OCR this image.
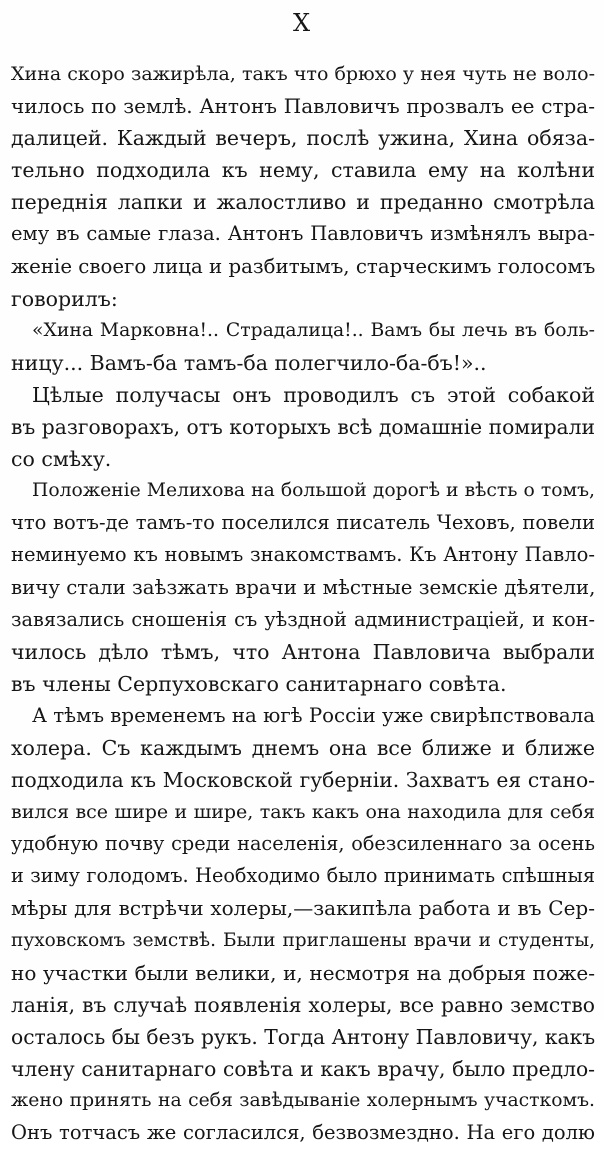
X
Хина скоро зажирѣла, такъ что брюхо у нея чуть не воло-
чилось по землѣ. Антонъ Павловичъ прозвалъ ее стра-
далицей. Каждый вечеръ, послѣ ужина, Хина обяза-
тельно подходила къ нему, ставила ему на колѣни
переднія лапки и жалостливо и преданно смотрѣла
ему въ самые глаза. Антонъ Павловичъ измѣнялъ выра-
женіе своего лица и разбитымъ, старческимъ голосомъ
говорилъ:
«Хина Марковна!.. Страдалица!.. Вамъ бы лечь въ боль-
ницу... Вамъ-ба тамъ-ба полегчило-ба-бъ!»..
Цѣлые получасы онъ проводилъ съ этой собакой
въ разговорахъ, отъ которыхъ всѣ домашніе помирали
со смѣху.
Положеніе Мелихова на большой дорогѣ и вѣсть о томъ,
что вотъ-де тамъ-то поселился писатель Чеховъ, повели
неминуемо къ новымъ знакомствамъ. Къ Антону Павло-
вичу стали заѣзжать врачи и мѣстные земскіе дѣятели,
завязались сношенія съ уѣздной администраціей, и кон-
чилось дѣло тѣмъ, что Антона Павловича выбрали
въ члены Серпуховскаго санитарнаго совѣта.
А тѣмъ временемъ на югѣ Россіи уже свирѣпствовала
холера. Съ каждымъ днемъ она все ближе и ближе
подходила къ Московской губерніи. Захватъ ея стано-
вился все шире и шире, такъ какъ она находила для себя
удобную почву среди населенія, обезсиленнаго за осень
и зиму голодомъ. Необходимо было принимать спѣшныя
мѣры для встрѣчи холеры,—закипѣла работа и въ Сер-
пуховскомъ земствѣ. Были приглашены врачи и студенты,
но участки были велики, и, несмотря на добрыя поже-
ланія, въ случаѣ появленія холеры, все равно земство
осталось бы безъ рукъ. Тогда Антону Павловичу, какъ
члену санитарнаго совѣта и какъ врачу, было предло-
жено принять на себя завѣдываніе холернымъ участкомъ.
Онъ тотчасъ же согласился, безвозмездно. На его долю
